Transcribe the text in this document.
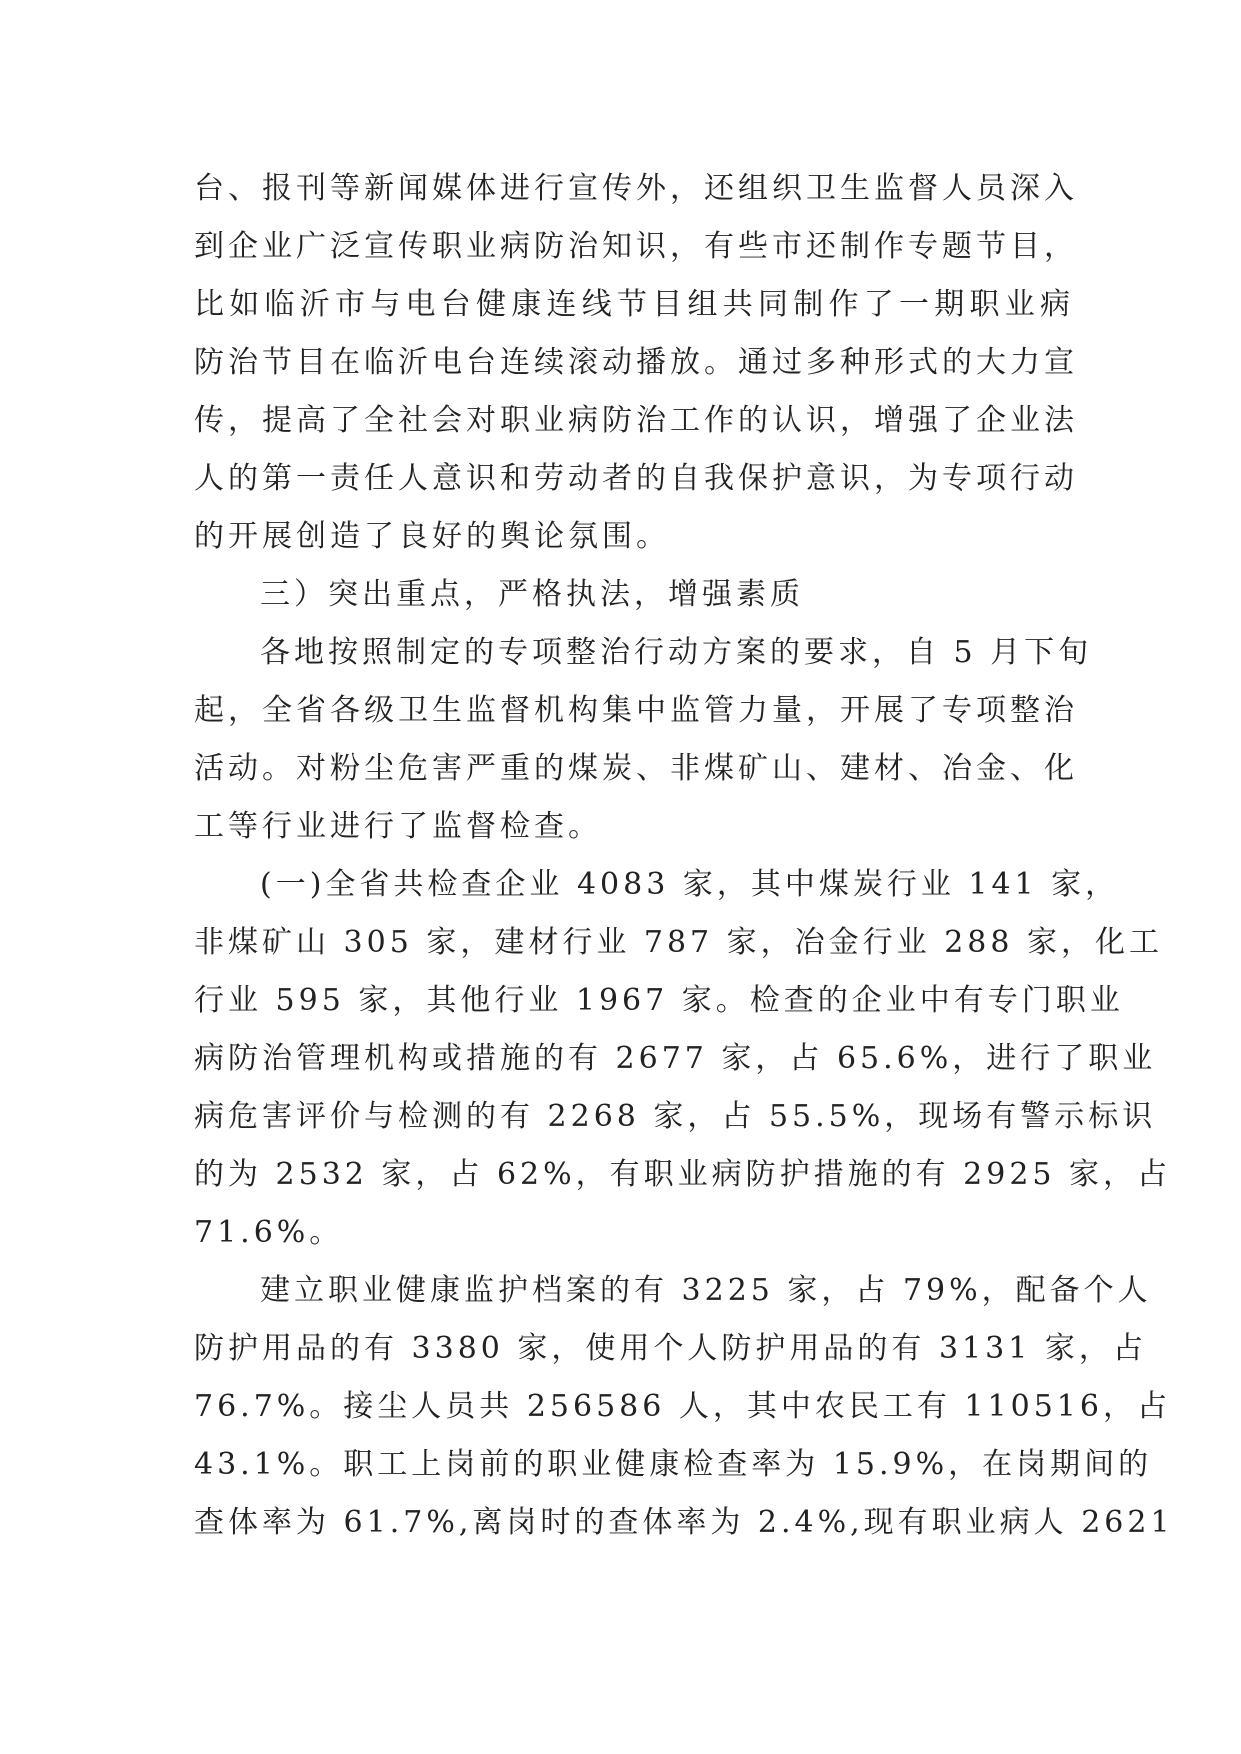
台、报刊等新闻媒体进行宣传外，还组织卫生监督人员深入
到企业广泛宣传职业病防治知识，有些市还制作专题节目，
比如临沂市与电台健康连线节目组共同制作了一期职业病
防治节目在临沂电台连续滚动播放。通过多种形式的大力宣
传，提高了全社会对职业病防治工作的认识，增强了企业法
人的第一责任人意识和劳动者的自我保护意识，为专项行动
的开展创造了良好的舆论氛围。
三）突出重点，严格执法，增强素质
各地按照制定的专项整治行动方案的要求，自 5 月下旬
起，全省各级卫生监督机构集中监管力量，开展了专项整治
活动。对粉尘危害严重的煤炭、非煤矿山、建材、冶金、化
工等行业进行了监督检查。
(一)全省共检查企业 4083 家，其中煤炭行业 141 家，
非煤矿山 305 家，建材行业 787 家，冶金行业 288 家，化工
行业 595 家，其他行业 1967 家。检查的企业中有专门职业
病防治管理机构或措施的有 2677 家，占 65.6%，进行了职业
病危害评价与检测的有 2268 家，占 55.5%，现场有警示标识
的为 2532 家，占 62%，有职业病防护措施的有 2925 家，占
71.6%。
建立职业健康监护档案的有 3225 家，占 79%，配备个人
防护用品的有 3380 家，使用个人防护用品的有 3131 家，占
76.7%。接尘人员共 256586 人，其中农民工有 110516，占
43.1%。职工上岗前的职业健康检查率为 15.9%，在岗期间的
查体率为 61.7%,离岗时的查体率为 2.4%,现有职业病人 2621
